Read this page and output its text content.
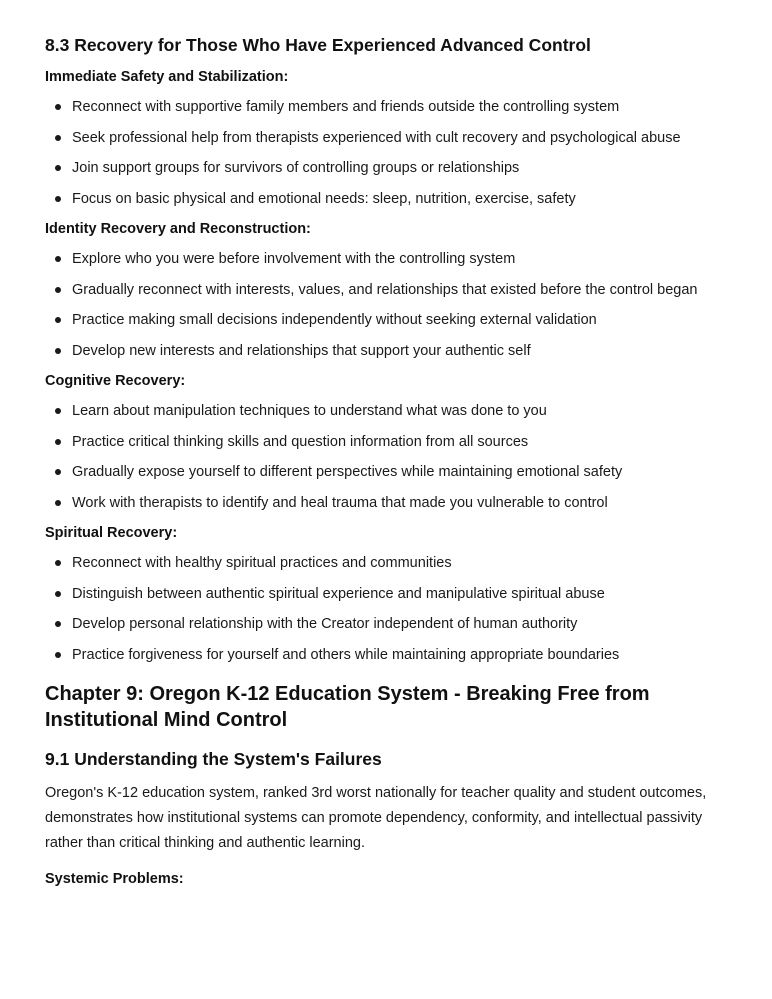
8.3 Recovery for Those Who Have Experienced Advanced Control
Immediate Safety and Stabilization:
Reconnect with supportive family members and friends outside the controlling system
Seek professional help from therapists experienced with cult recovery and psychological abuse
Join support groups for survivors of controlling groups or relationships
Focus on basic physical and emotional needs: sleep, nutrition, exercise, safety
Identity Recovery and Reconstruction:
Explore who you were before involvement with the controlling system
Gradually reconnect with interests, values, and relationships that existed before the control began
Practice making small decisions independently without seeking external validation
Develop new interests and relationships that support your authentic self
Cognitive Recovery:
Learn about manipulation techniques to understand what was done to you
Practice critical thinking skills and question information from all sources
Gradually expose yourself to different perspectives while maintaining emotional safety
Work with therapists to identify and heal trauma that made you vulnerable to control
Spiritual Recovery:
Reconnect with healthy spiritual practices and communities
Distinguish between authentic spiritual experience and manipulative spiritual abuse
Develop personal relationship with the Creator independent of human authority
Practice forgiveness for yourself and others while maintaining appropriate boundaries
Chapter 9: Oregon K-12 Education System - Breaking Free from Institutional Mind Control
9.1 Understanding the System's Failures

Oregon's K-12 education system, ranked 3rd worst nationally for teacher quality and student outcomes, demonstrates how institutional systems can promote dependency, conformity, and intellectual passivity rather than critical thinking and authentic learning.

Systemic Problems:
